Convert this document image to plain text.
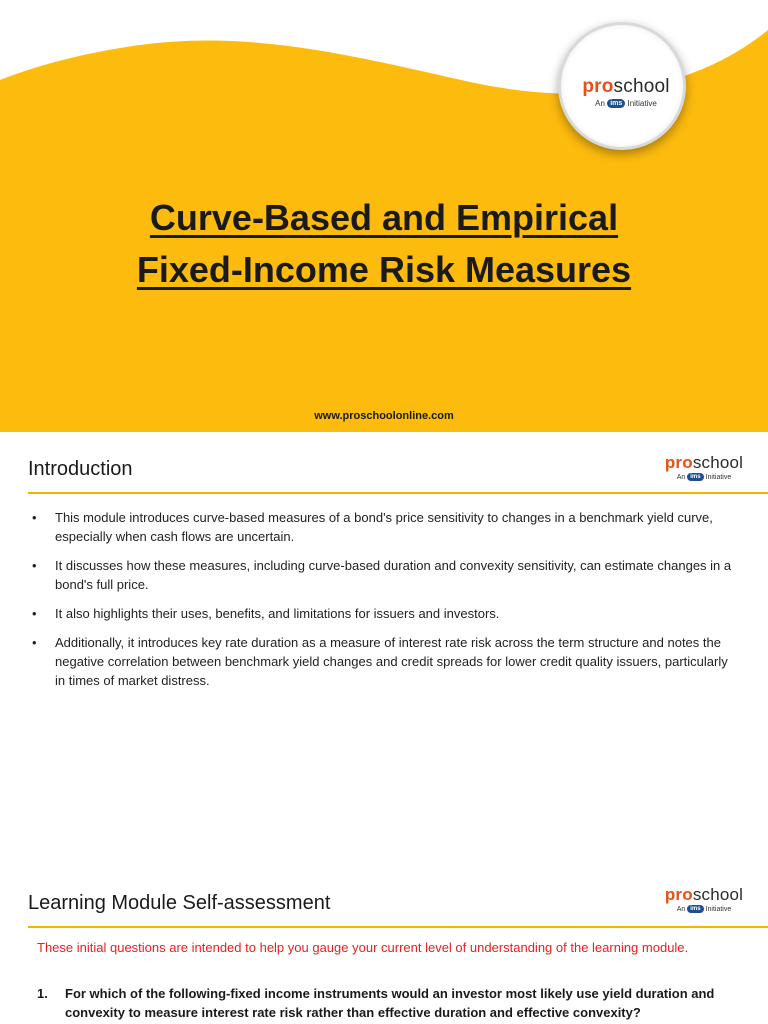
proschool
An ims Initiative
Curve-Based and Empirical
Fixed-Income Risk Measures
www.proschoolonline.com
Introduction	proschool
An ims Initiative
• This module introduces curve-based measures of a bond's price sensitivity to changes in a benchmark yield curve, especially when cash flows are uncertain.
• It discusses how these measures, including curve-based duration and convexity sensitivity, can estimate changes in a bond's full price.
• It also highlights their uses, benefits, and limitations for issuers and investors.
• Additionally, it introduces key rate duration as a measure of interest rate risk across the term structure and notes the negative correlation between benchmark yield changes and credit spreads for lower credit quality issuers, particularly in times of market distress.
Learning Module Self-assessment	proschool
An ims Initiative
These initial questions are intended to help you gauge your current level of understanding of the learning module.
1. For which of the following-fixed income instruments would an investor most likely use yield duration and convexity to measure interest rate risk rather than effective duration and effective convexity?
